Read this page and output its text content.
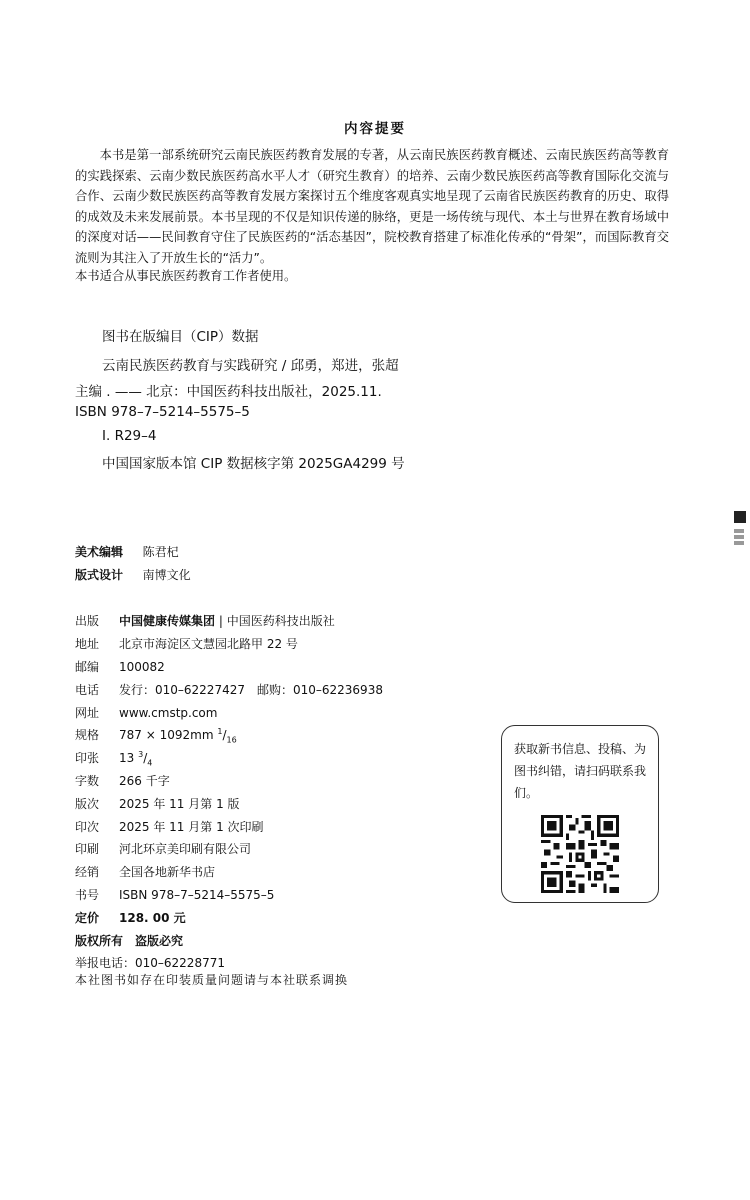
内容提要
本书是第一部系统研究云南民族医药教育发展的专著，从云南民族医药教育概述、云南民族医药高等教育的实践探索、云南少数民族医药高水平人才（研究生教育）的培养、云南少数民族医药高等教育国际化交流与合作、云南少数民族医药高等教育发展方案探讨五个维度客观真实地呈现了云南省民族医药教育的历史、取得的成效及未来发展前景。本书呈现的不仅是知识传递的脉络，更是一场传统与现代、本土与世界在教育场域中的深度对话——民间教育守住了民族医药的“活态基因”，院校教育搭建了标准化传承的“骨架”，而国际教育交流则为其注入了开放生长的“活力”。
本书适合从事民族医药教育工作者使用。
图书在版编目（CIP）数据
云南民族医药教育与实践研究 / 邱勇，郑进，张超
主编 . —— 北京：中国医药科技出版社，2025.11.
ISBN 978–7–5214–5575–5
Ⅰ. R29–4
中国国家版本馆 CIP 数据核字第 2025GA4299 号
美术编辑 陈君杞
版式设计 南博文化
出版 中国健康传媒集团 | 中国医药科技出版社
地址 北京市海淀区文慧园北路甲 22 号
邮编 100082
电话 发行：010–62227427　邮购：010–62236938
网址 www.cmstp.com
规格 787 × 1092mm $^1/_{16}$
印张 13 $^3/_4$
字数 266 千字
版次 2025 年 11 月第 1 版
印次 2025 年 11 月第 1 次印刷
印刷 河北环京美印刷有限公司
经销 全国各地新华书店
书号 ISBN 978–7–5214–5575–5
定价 128. 00 元
版权所有　盗版必究
举报电话：010–62228771
本社图书如存在印装质量问题请与本社联系调换
获取新书信息、投稿、为图书纠错，请扫码联系我们。
